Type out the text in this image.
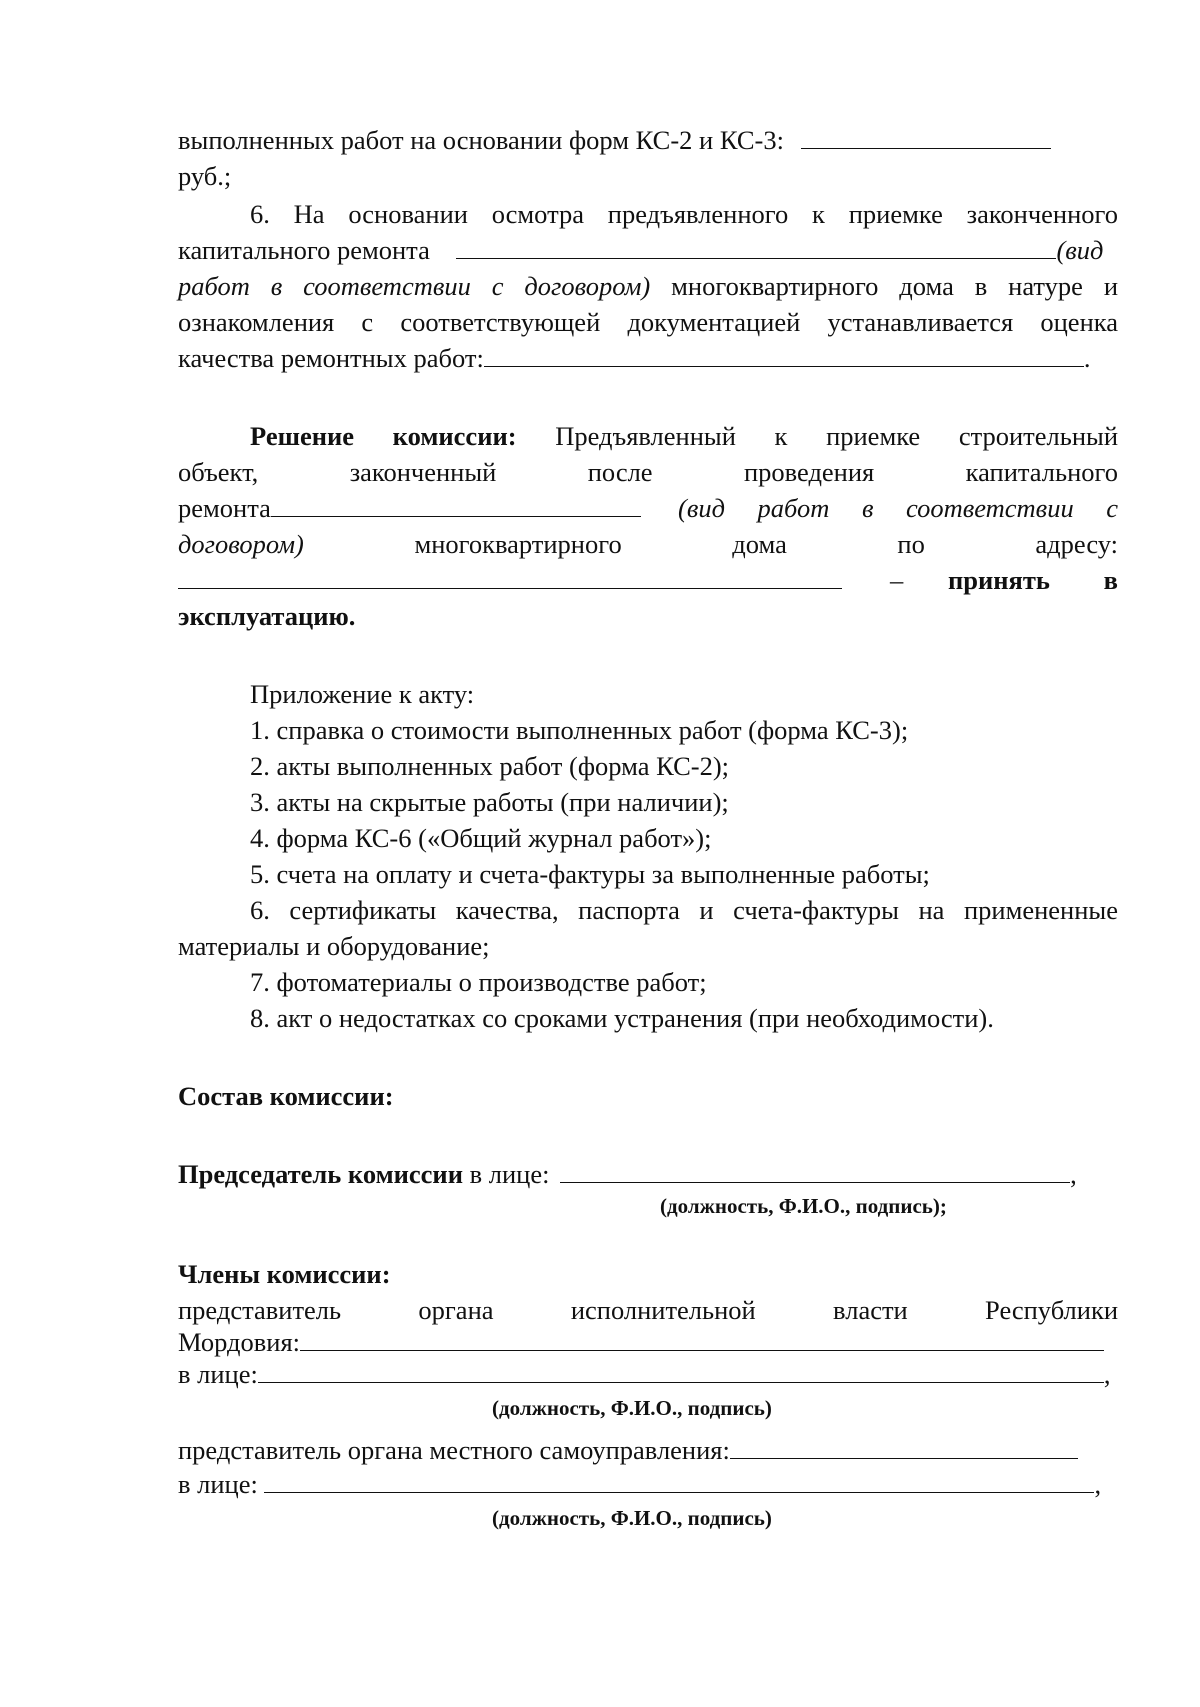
выполненных работ на основании форм КС-2 и КС-3:
руб.;
6. На основании осмотра предъявленного к приемке законченного
капитального ремонта	(вид
работ в соответствии с договором) многоквартирного дома в натуре и
ознакомления с соответствующей документацией устанавливается оценка
качества ремонтных работ:	.
Решение комиссии: Предъявленный к приемке строительный
объект, законченный после проведения капитального
ремонта	(вид работ в соответствии с
договором)	многоквартирного дома по адресу:
– принять в
эксплуатацию.
Приложение к акту:
1. справка о стоимости выполненных работ (форма КС-3);
2. акты выполненных работ (форма КС-2);
3. акты на скрытые работы (при наличии);
4. форма КС-6 («Общий журнал работ»);
5. счета на оплату и счета-фактуры за выполненные работы;
6. сертификаты качества, паспорта и счета-фактуры на примененные
материалы и оборудование;
7. фотоматериалы о производстве работ;
8. акт о недостатках со сроками устранения (при необходимости).
Состав комиссии:
Председатель комиссии в лице:	,
(должность, Ф.И.О., подпись);
Члены комиссии:
представитель органа исполнительной власти Республики
Мордовия:
в лице:	,
(должность, Ф.И.О., подпись)
представитель органа местного самоуправления:
в лице:	,
(должность, Ф.И.О., подпись)
